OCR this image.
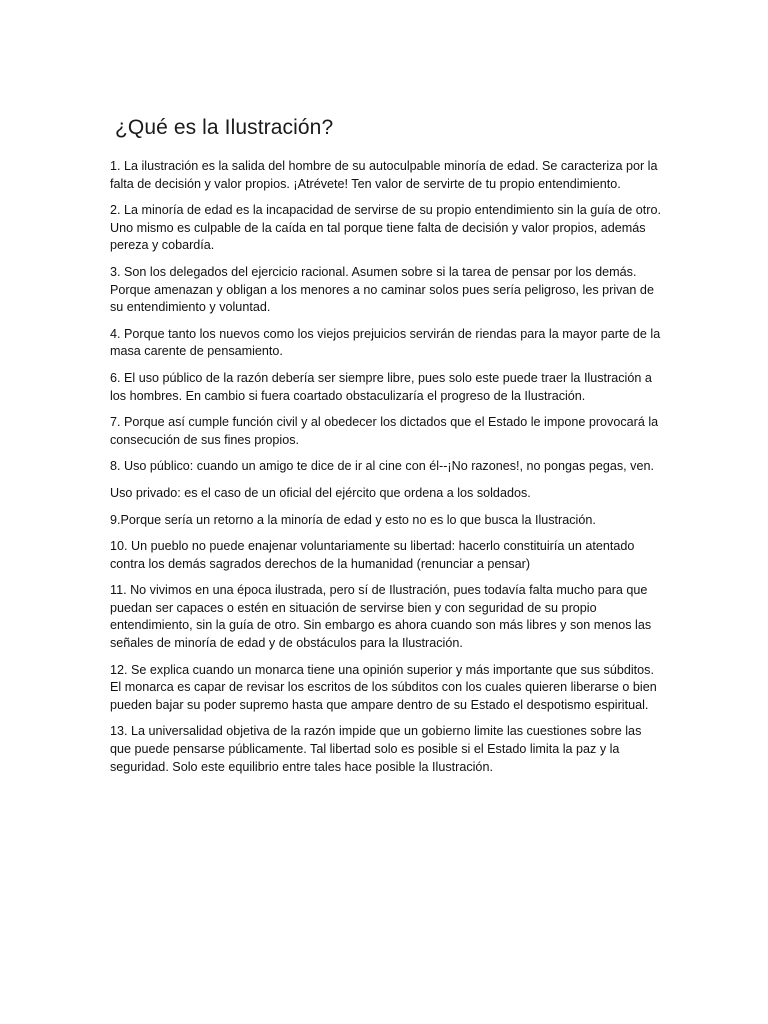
¿Qué es la Ilustración?

1. La ilustración es la salida del hombre de su autoculpable minoría de edad. Se caracteriza por la falta de decisión y valor propios. ¡Atrévete! Ten valor de servirte de tu propio entendimiento.

2. La minoría de edad es la incapacidad de servirse de su propio entendimiento sin la guía de otro. Uno mismo es culpable de la caída en tal porque tiene falta de decisión y valor propios, además pereza y cobardía.

3. Son los delegados del ejercicio racional. Asumen sobre si la tarea de pensar por los demás. Porque amenazan y obligan a los menores a no caminar solos pues sería peligroso, les privan de su entendimiento y voluntad.

4. Porque tanto los nuevos como los viejos prejuicios servirán de riendas para la mayor parte de la masa carente de pensamiento.

6. El uso público de la razón debería ser siempre libre, pues solo este puede traer la Ilustración a los hombres. En cambio si fuera coartado obstaculizaría el progreso de la Ilustración.

7. Porque así cumple función civil y al obedecer los dictados que el Estado le impone provocará la consecución de sus fines propios.

8. Uso público: cuando un amigo te dice de ir al cine con él--¡No razones!, no pongas pegas, ven.

Uso privado: es el caso de un oficial del ejército que ordena a los soldados.

9.Porque sería un retorno a la minoría de edad y esto no es lo que busca la Ilustración.

10. Un pueblo no puede enajenar voluntariamente su libertad: hacerlo constituiría un atentado contra los demás sagrados derechos de la humanidad (renunciar a pensar)

11. No vivimos en una época ilustrada, pero sí de Ilustración, pues todavía falta mucho para que puedan ser capaces o estén en situación de servirse bien y con seguridad de su propio entendimiento, sin la guía de otro. Sin embargo es ahora cuando son más libres y son menos las señales de minoría de edad y de obstáculos para la Ilustración.

12. Se explica cuando un monarca tiene una opinión superior y más importante que sus súbditos. El monarca es capar de revisar los escritos de los súbditos con los cuales quieren liberarse o bien pueden bajar su poder supremo hasta que ampare dentro de su Estado el despotismo espiritual.

13. La universalidad objetiva de la razón impide que un gobierno limite las cuestiones sobre las que puede pensarse públicamente. Tal libertad solo es posible si el Estado limita la paz y la seguridad. Solo este equilibrio entre tales hace posible la Ilustración.
